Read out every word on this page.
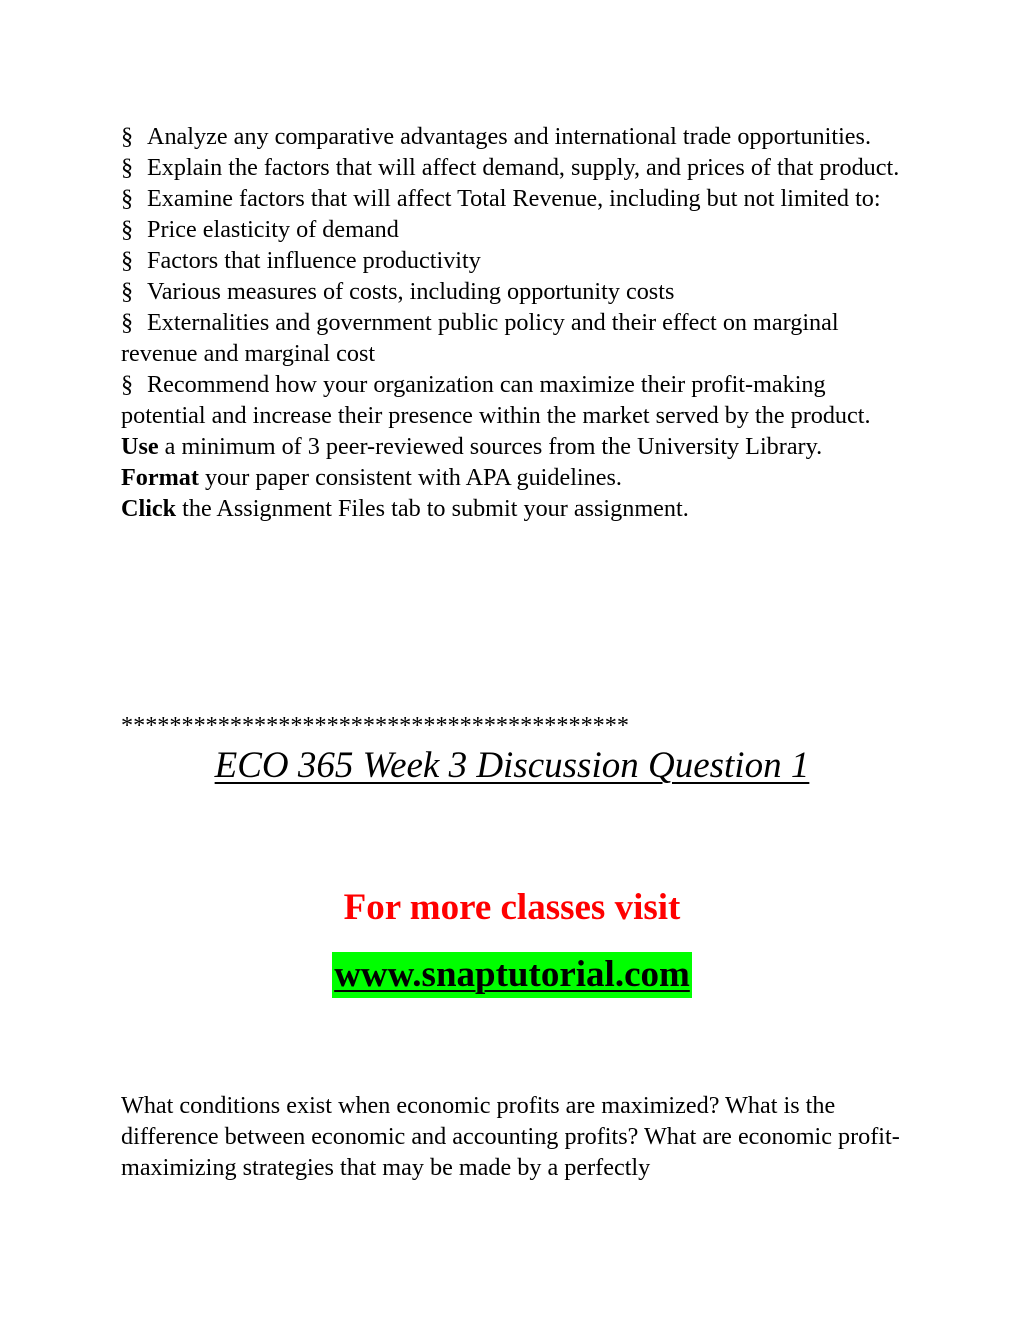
§ Analyze any comparative advantages and international trade opportunities.

§ Explain the factors that will affect demand, supply, and prices of that product.

§ Examine factors that will affect Total Revenue, including but not limited to:

§ Price elasticity of demand

§ Factors that influence productivity

§ Various measures of costs, including opportunity costs

§ Externalities and government public policy and their effect on marginal revenue and marginal cost

§ Recommend how your organization can maximize their profit-making potential and increase their presence within the market served by the product.

Use a minimum of 3 peer-reviewed sources from the University Library.

Format your paper consistent with APA guidelines.

Click the Assignment Files tab to submit your assignment.

******************************************
ECO 365 Week 3 Discussion Question 1
For more classes visit
www.snaptutorial.com

What conditions exist when economic profits are maximized? What is the difference between economic and accounting profits? What are economic profit-maximizing strategies that may be made by a perfectly
